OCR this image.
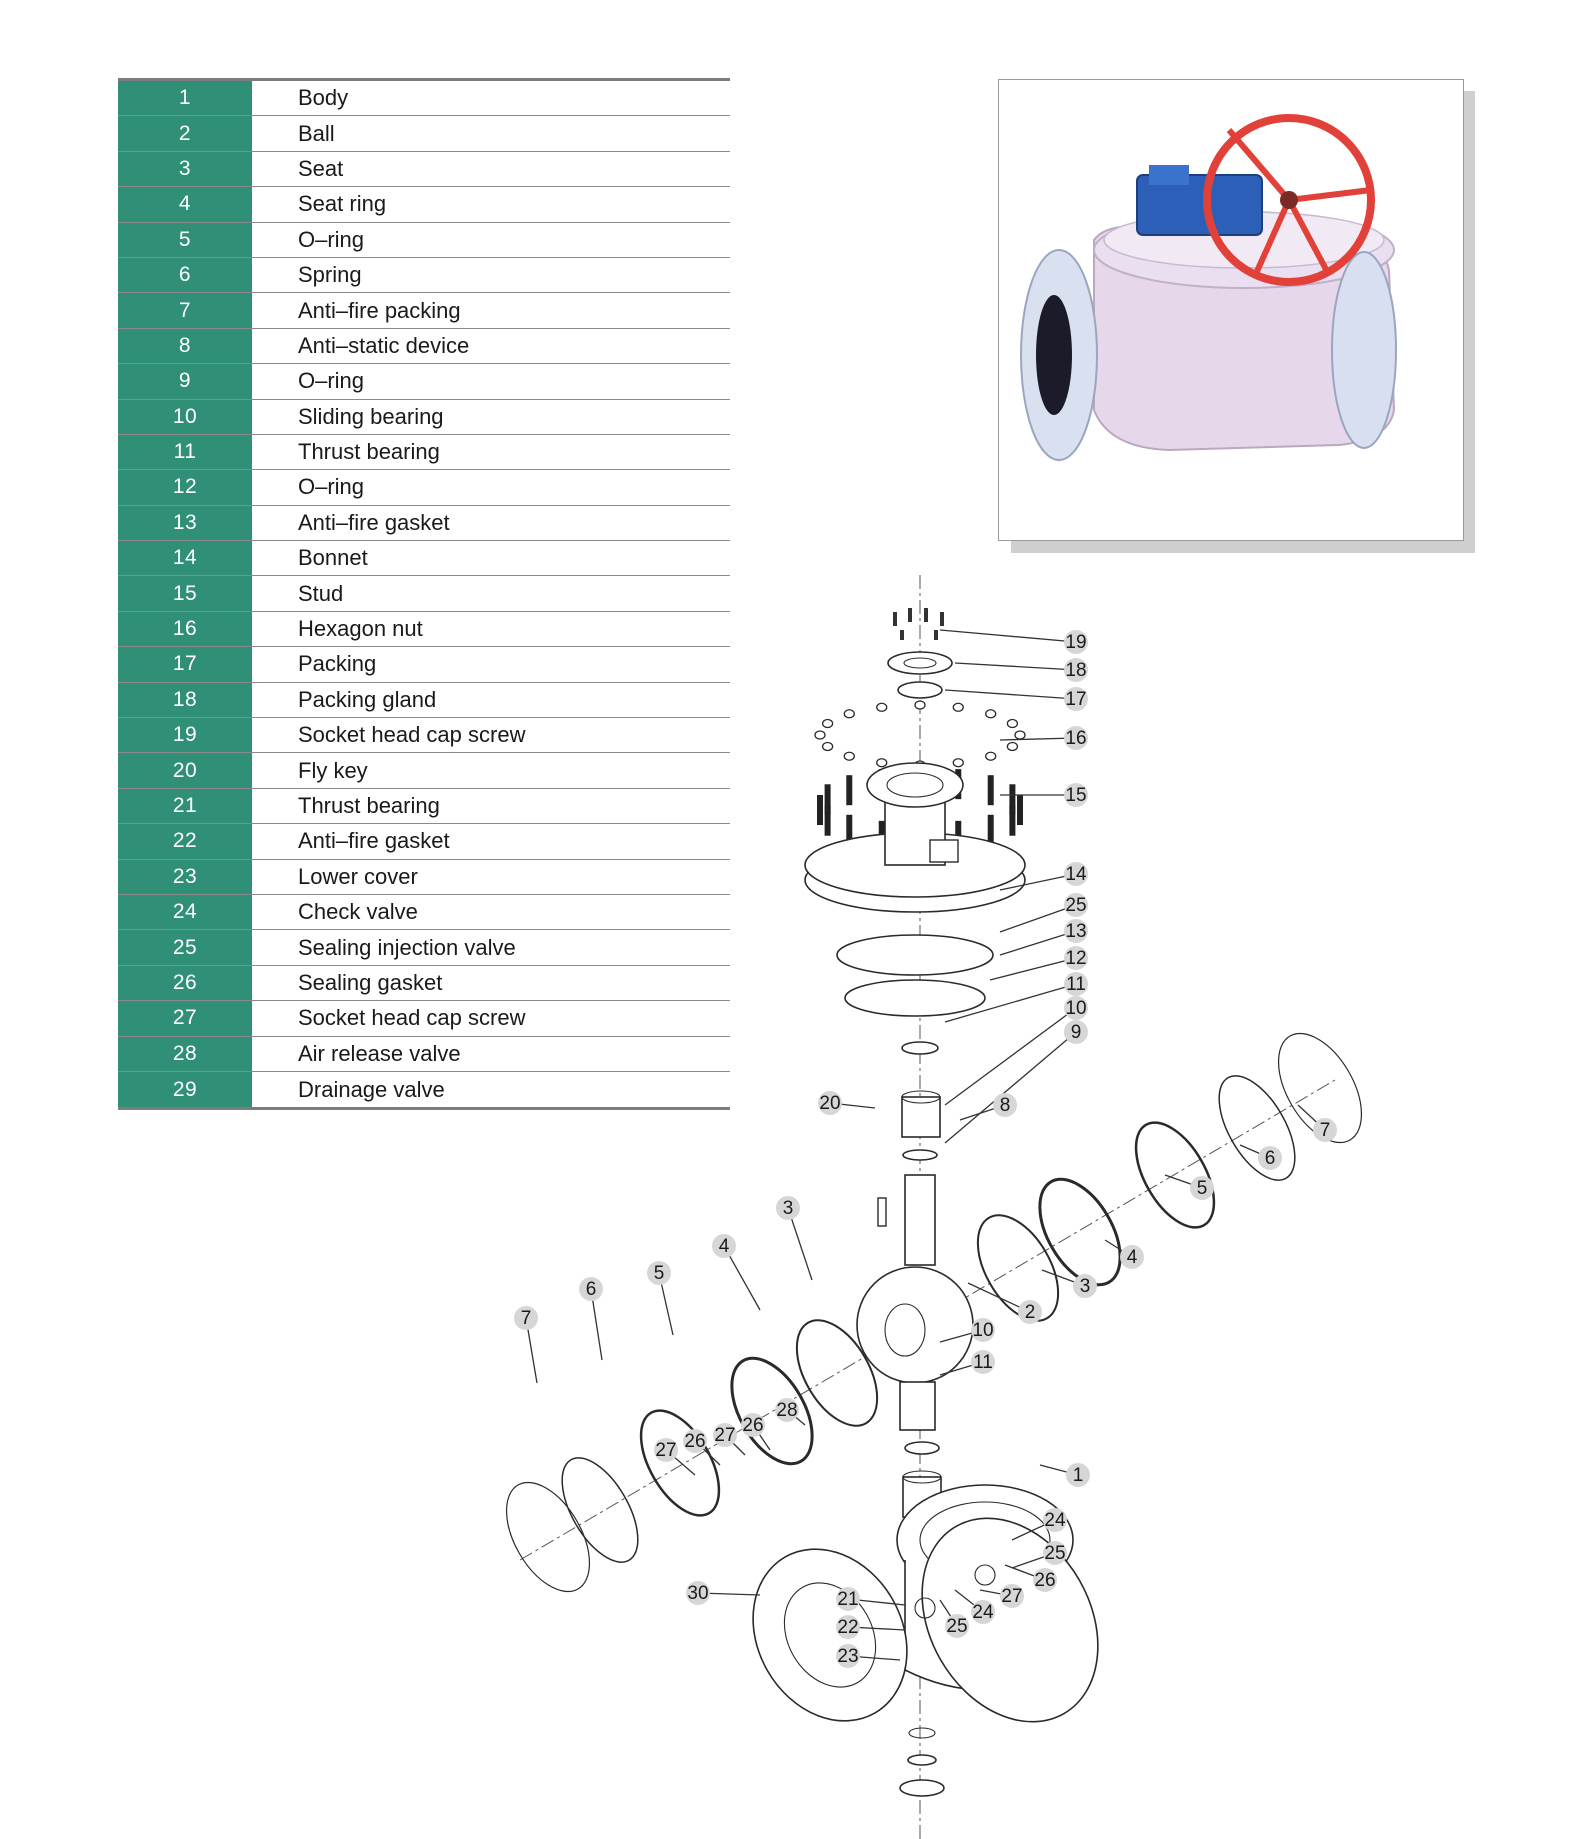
1	Body
2	Ball
3	Seat
4	Seat ring
5	O–ring
6	Spring
7	Anti–fire packing
8	Anti–static device
9	O–ring
10	Sliding bearing
11	Thrust bearing
12	O–ring
13	Anti–fire gasket
14	Bonnet
15	Stud
16	Hexagon nut
17	Packing
18	Packing gland
19	Socket head cap screw
20	Fly key
21	Thrust bearing
22	Anti–fire gasket
23	Lower cover
24	Check valve
25	Sealing injection valve
26	Sealing gasket
27	Socket head cap screw
28	Air release valve
29	Drainage valve
19
18
17
16
15
14
25
13
12
11
10
9
20	8
7
6
5
4
3
2
3
4
5
6
7
10
11
28
27 26
27 26
1
24
25
26
27
24
25
30	21
22
23
